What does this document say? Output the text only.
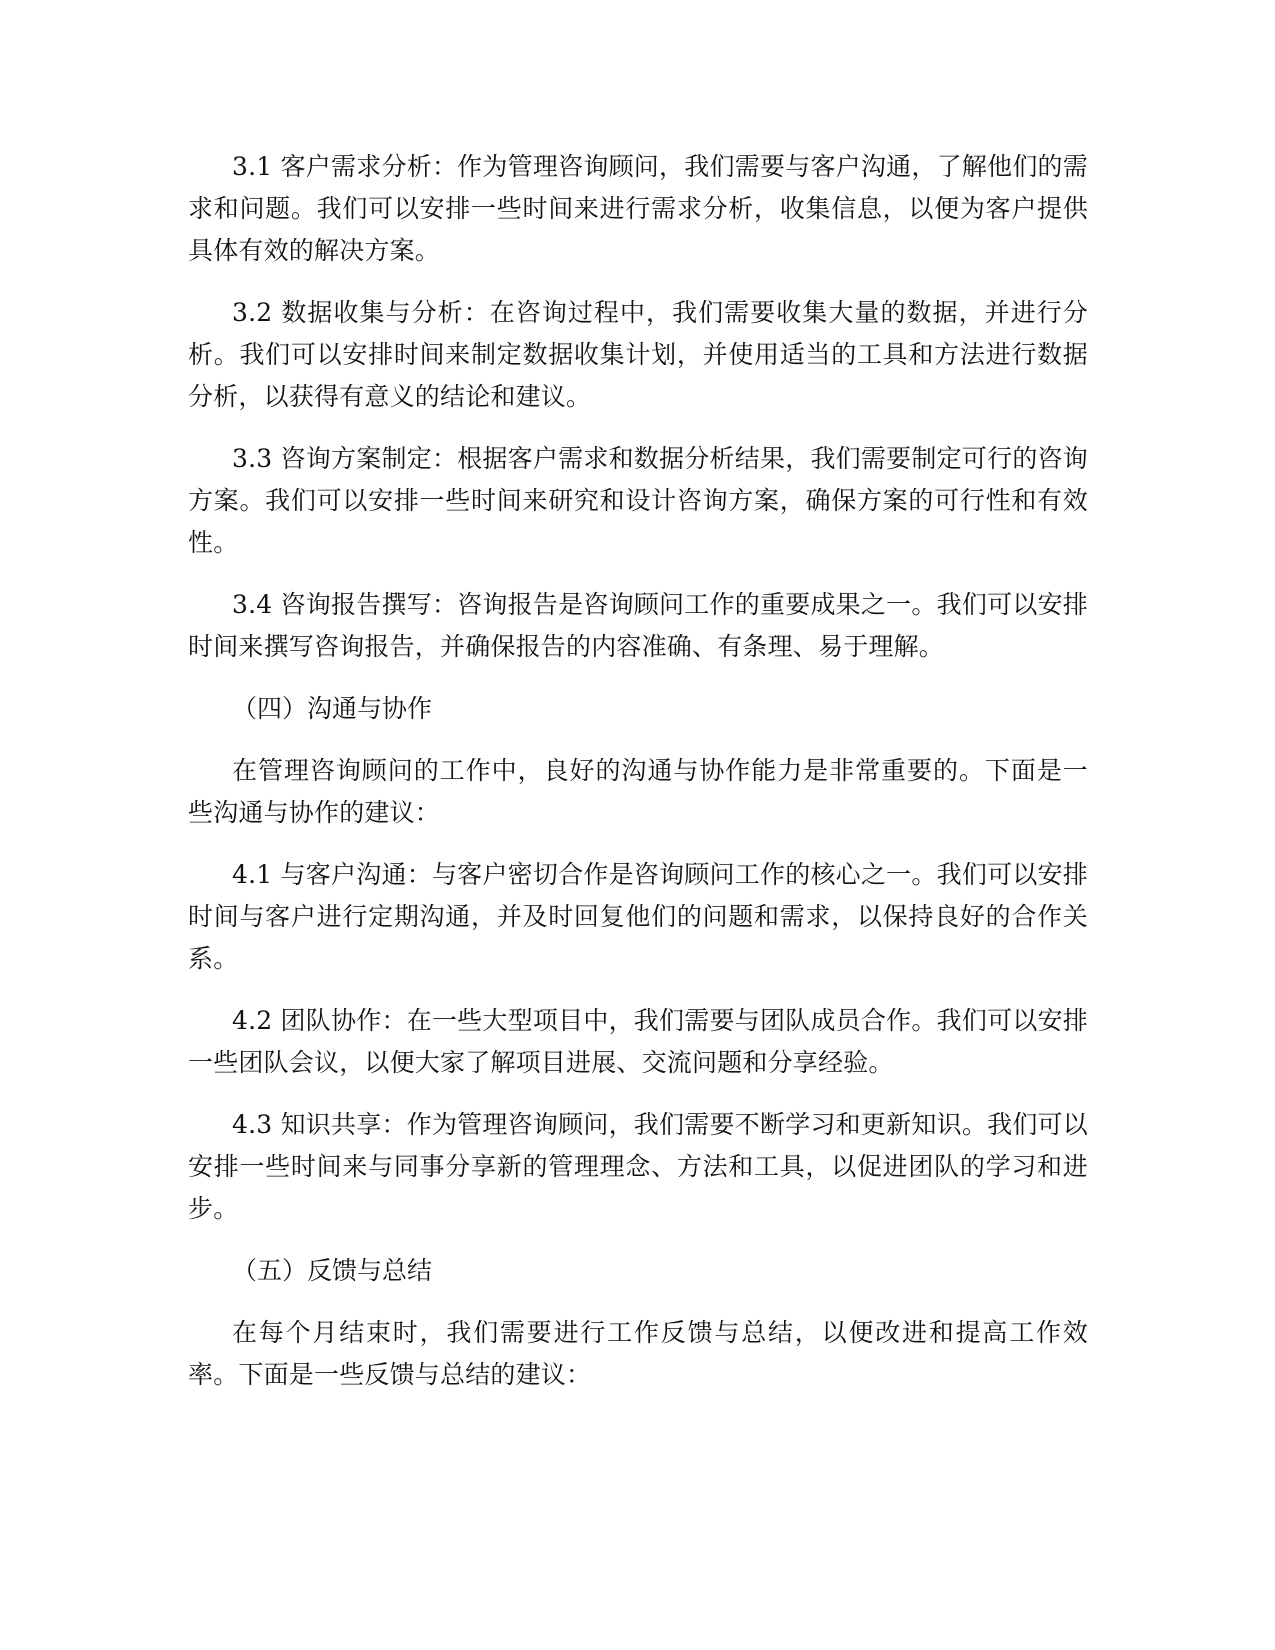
3.1 客户需求分析：作为管理咨询顾问，我们需要与客户沟通，了解他们的需求和问题。我们可以安排一些时间来进行需求分析，收集信息，以便为客户提供具体有效的解决方案。

3.2 数据收集与分析：在咨询过程中，我们需要收集大量的数据，并进行分析。我们可以安排时间来制定数据收集计划，并使用适当的工具和方法进行数据分析，以获得有意义的结论和建议。

3.3 咨询方案制定：根据客户需求和数据分析结果，我们需要制定可行的咨询方案。我们可以安排一些时间来研究和设计咨询方案，确保方案的可行性和有效性。

3.4 咨询报告撰写：咨询报告是咨询顾问工作的重要成果之一。我们可以安排时间来撰写咨询报告，并确保报告的内容准确、有条理、易于理解。

（四）沟通与协作

在管理咨询顾问的工作中，良好的沟通与协作能力是非常重要的。下面是一些沟通与协作的建议：

4.1 与客户沟通：与客户密切合作是咨询顾问工作的核心之一。我们可以安排时间与客户进行定期沟通，并及时回复他们的问题和需求，以保持良好的合作关系。

4.2 团队协作：在一些大型项目中，我们需要与团队成员合作。我们可以安排一些团队会议，以便大家了解项目进展、交流问题和分享经验。

4.3 知识共享：作为管理咨询顾问，我们需要不断学习和更新知识。我们可以安排一些时间来与同事分享新的管理理念、方法和工具，以促进团队的学习和进步。

（五）反馈与总结

在每个月结束时，我们需要进行工作反馈与总结，以便改进和提高工作效率。下面是一些反馈与总结的建议：
